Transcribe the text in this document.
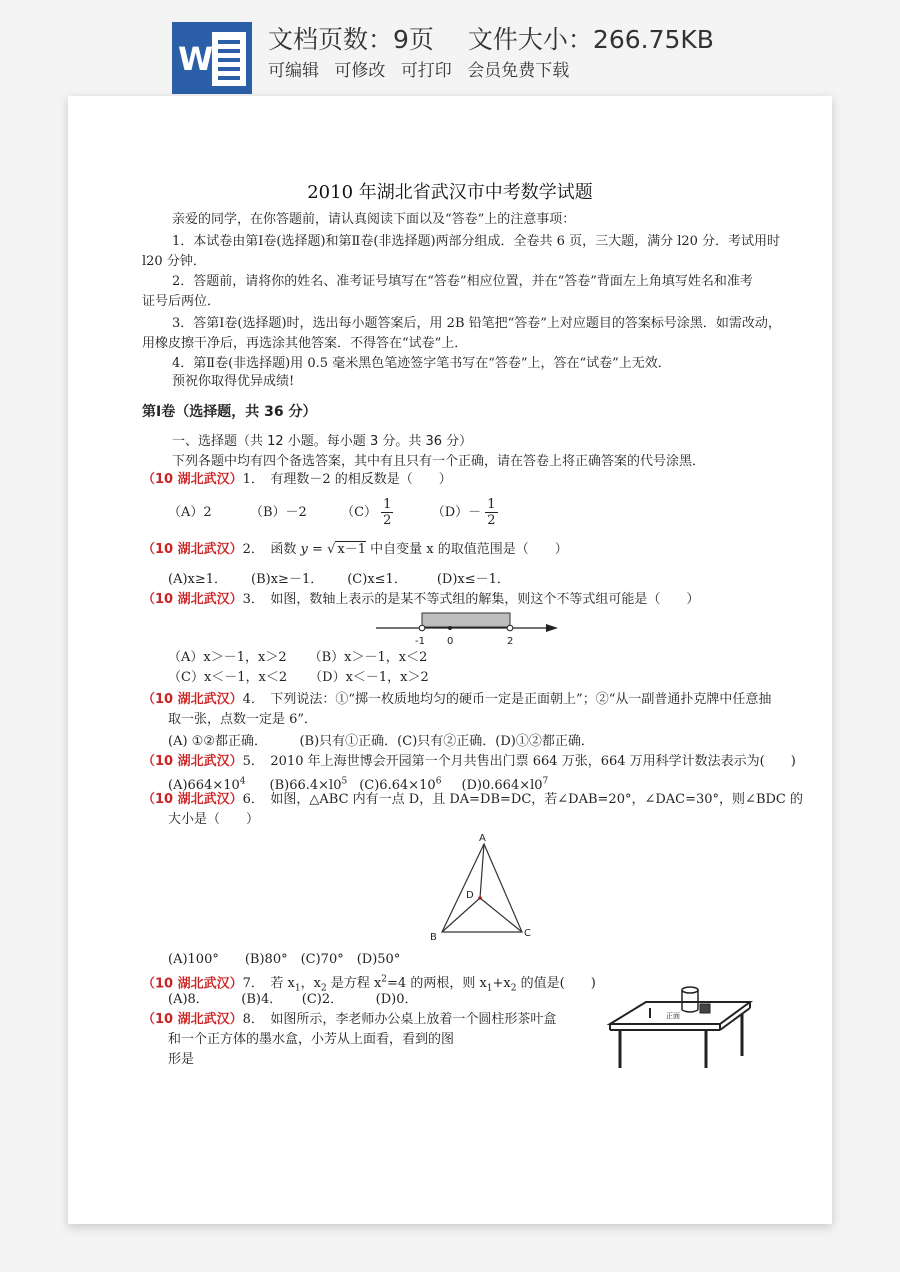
W
文档页数：9页 文件大小：266.75KB
可编辑 可修改 可打印 会员免费下载
2010 年湖北省武汉市中考数学试题
亲爱的同学，在你答题前，请认真阅读下面以及“答卷”上的注意事项：
1．本试卷由第Ⅰ卷(选择题)和第Ⅱ卷(非选择题)两部分组成．全卷共 6 页，三大题，满分 l20 分．考试用时
l20 分钟．
2．答题前，请将你的姓名、准考证号填写在“答卷”相应位置，并在“答卷”背面左上角填写姓名和准考
证号后两位．
3．答第Ⅰ卷(选择题)时，选出每小题答案后，用 2B 铅笔把“答卷”上对应题目的答案标号涂黑．如需改动，
用橡皮擦干净后，再选涂其他答案．不得答在“试卷”上．
4．第Ⅱ卷(非选择题)用 0.5 毫米黑色笔迹签字笔书写在“答卷”上，答在“试卷”上无效．
预祝你取得优异成绩!
第Ⅰ卷（选择题，共 36 分）
一、选择题（共 12 小题。每小题 3 分。共 36 分）
下列各题中均有四个备选答案，其中有且只有一个正确，请在答卷上将正确答案的代号涂黑．
（10 湖北武汉）1．　有理数－2 的相反数是（　　）
（A）2	（B）－2	$(C) \frac{1}{2}$	$(D)- \frac{1}{2}$
（10 湖北武汉）2．　函数 y = √ x－1 中自变量 x 的取值范围是（　　）
(A)x≥1． (B)x≥－1． (C)x≤1． (D)x≤－1．
（10 湖北武汉）3．　如图，数轴上表示的是某不等式组的解集，则这个不等式组可能是（　　）
-1 0	2
（A）x＞－1，x＞2 （B）x＞－1，x＜2
（C）x＜－1，x＜2 （D）x＜－1，x＞2
（10 湖北武汉）4．　下列说法：①“掷一枚质地均匀的硬币一定是正面朝上”；②“从一副普通扑克牌中任意抽
取一张，点数一定是 6”．
(A) ①②都正确．　　　(B)只有①正确．(C)只有②正确．(D)①②都正确．
（10 湖北武汉）5．　2010 年上海世博会开园第一个月共售出门票 664 万张，664 万用科学计数法表示为(　　)
$(A)664\times 10^4$ $(B)66.4\times l0^5$ $(C)6.64\times 10^6$ $(D)0.664\times l0^7$
（10 湖北武汉）6．　如图，△ABC 内有一点 D，且 DA=DB=DC，若∠DAB=20°，∠DAC=30°，则∠BDC 的
大小是（　　）
A
B	C
D
(A)100°　　(B)80°　(C)70°　(D)50°
（10 湖北武汉）7．　若 $x_1$，$x_2$ 是方程 $x^2=4$ 的两根，则 $x_1+x_2$ 的值是(　　)
(A)8．　　　(B)4．　　(C)2．　　　(D)0．
（10 湖北武汉）8．　如图所示，李老师办公桌上放着一个圆柱形茶叶盒
和一个正方体的墨水盒，小芳从上面看，看到的图
形是
正面
